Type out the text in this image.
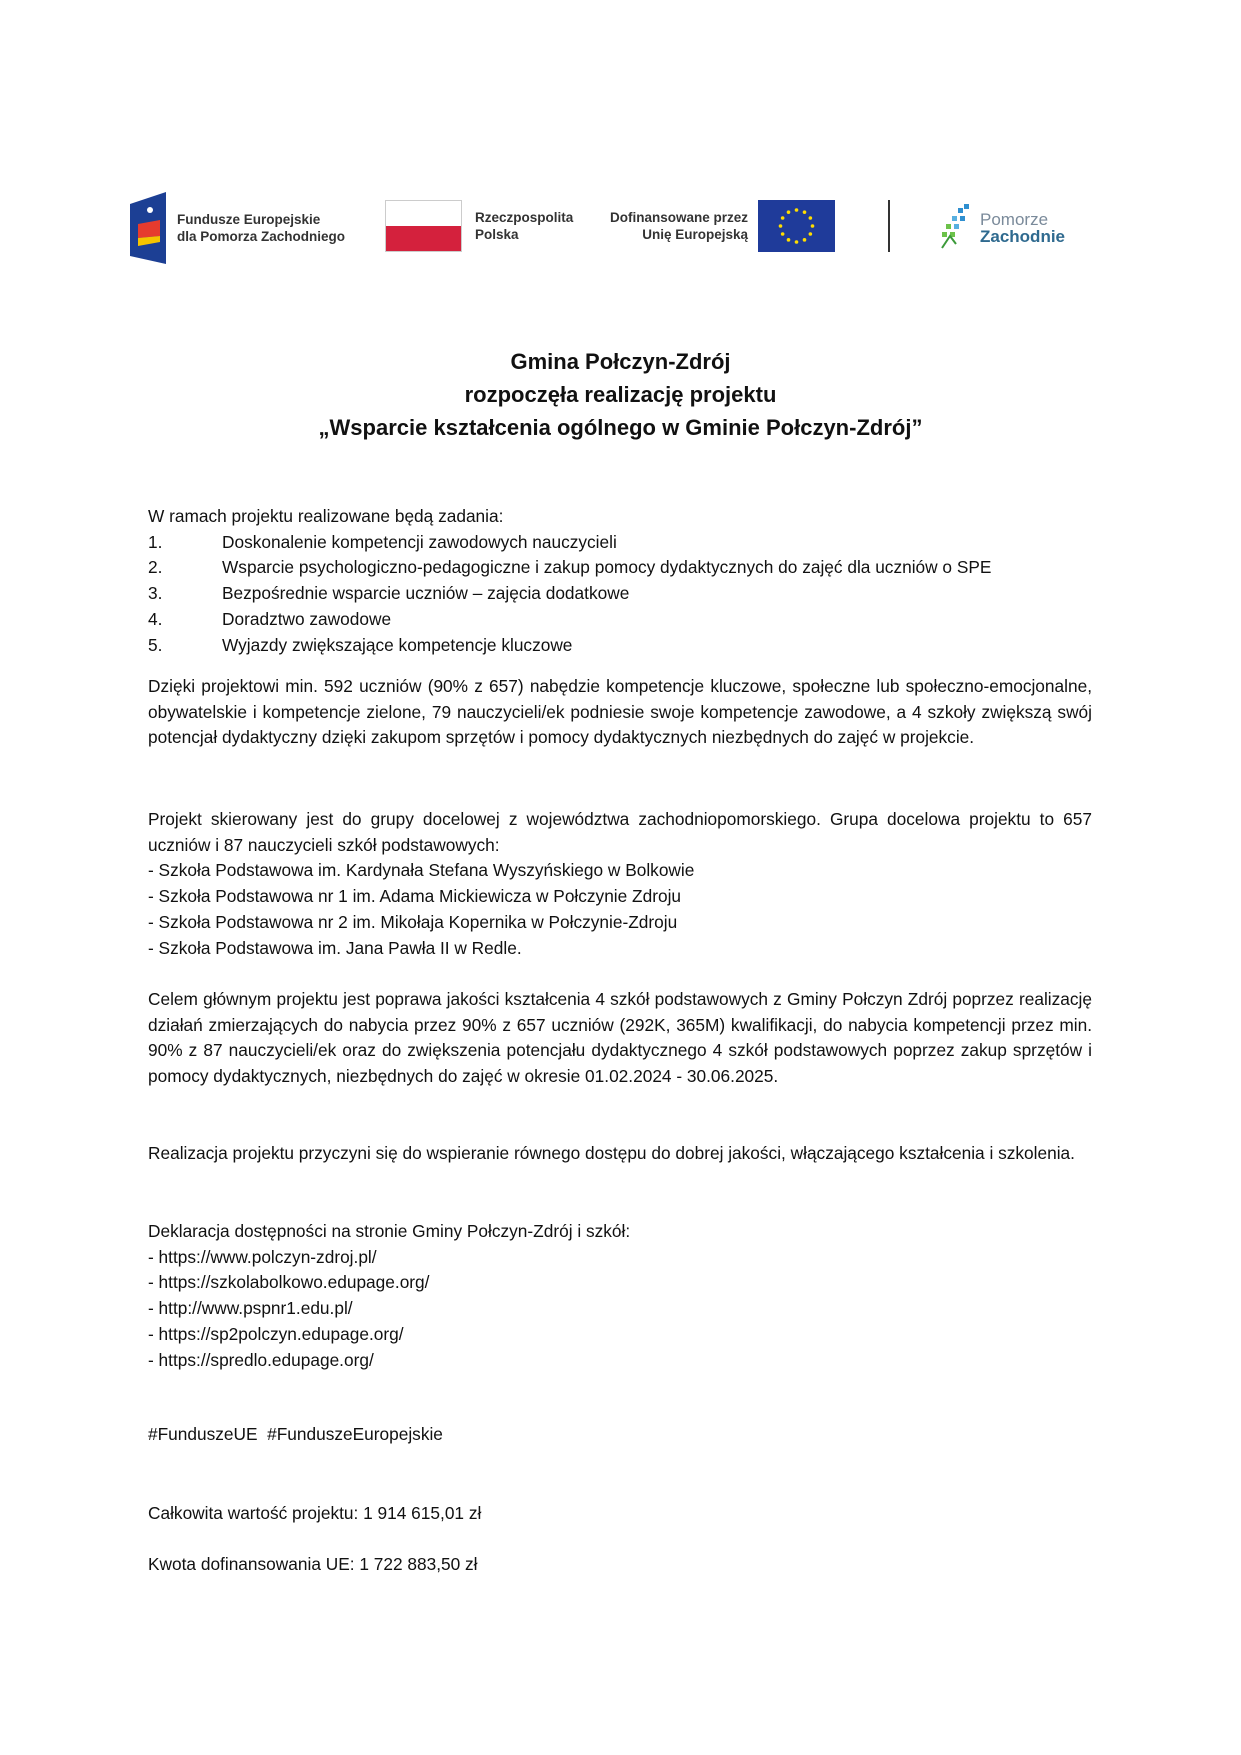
Fundusze Europejskie
dla Pomorza Zachodniego
Rzeczpospolita
Polska
Dofinansowane przez
Unię Europejską
Pomorze
Zachodnie
Gmina Połczyn-Zdrój
rozpoczęła realizację projektu
„Wsparcie kształcenia ogólnego w Gminie Połczyn-Zdrój”
W ramach projektu realizowane będą zadania:
1.	Doskonalenie kompetencji zawodowych nauczycieli
2.	Wsparcie psychologiczno-pedagogiczne i zakup pomocy dydaktycznych do zajęć dla uczniów o SPE
3.	Bezpośrednie wsparcie uczniów – zajęcia dodatkowe
4.	Doradztwo zawodowe
5.	Wyjazdy zwiększające kompetencje kluczowe

Dzięki projektowi min. 592 uczniów (90% z 657) nabędzie kompetencje kluczowe, społeczne lub społeczno-emocjonalne, obywatelskie i kompetencje zielone, 79 nauczycieli/ek podniesie swoje kompetencje zawodowe, a 4 szkoły zwiększą swój potencjał dydaktyczny dzięki zakupom sprzętów i pomocy dydaktycznych niezbędnych do zajęć w projekcie.

Projekt skierowany jest do grupy docelowej z województwa zachodniopomorskiego. Grupa docelowa projektu to 657 uczniów i 87 nauczycieli szkół podstawowych:

- Szkoła Podstawowa im. Kardynała Stefana Wyszyńskiego w Bolkowie
- Szkoła Podstawowa nr 1 im. Adama Mickiewicza w Połczynie Zdroju
- Szkoła Podstawowa nr 2 im. Mikołaja Kopernika w Połczynie-Zdroju
- Szkoła Podstawowa im. Jana Pawła II w Redle.

Celem głównym projektu jest poprawa jakości kształcenia 4 szkół podstawowych z Gminy Połczyn Zdrój poprzez realizację działań zmierzających do nabycia przez 90% z 657 uczniów (292K, 365M) kwalifikacji, do nabycia kompetencji przez min. 90% z 87 nauczycieli/ek oraz do zwiększenia potencjału dydaktycznego 4 szkół podstawowych poprzez zakup sprzętów i pomocy dydaktycznych, niezbędnych do zajęć w okresie 01.02.2024 - 30.06.2025.

Realizacja projektu przyczyni się do wspieranie równego dostępu do dobrej jakości, włączającego kształcenia i szkolenia.

Deklaracja dostępności na stronie Gminy Połczyn-Zdrój i szkół:
- https://www.polczyn-zdroj.pl/
- https://szkolabolkowo.edupage.org/
- http://www.pspnr1.edu.pl/
- https://sp2polczyn.edupage.org/
- https://spredlo.edupage.org/
#FunduszeUE  #FunduszeEuropejskie
Całkowita wartość projektu: 1 914 615,01 zł
Kwota dofinansowania UE: 1 722 883,50 zł
